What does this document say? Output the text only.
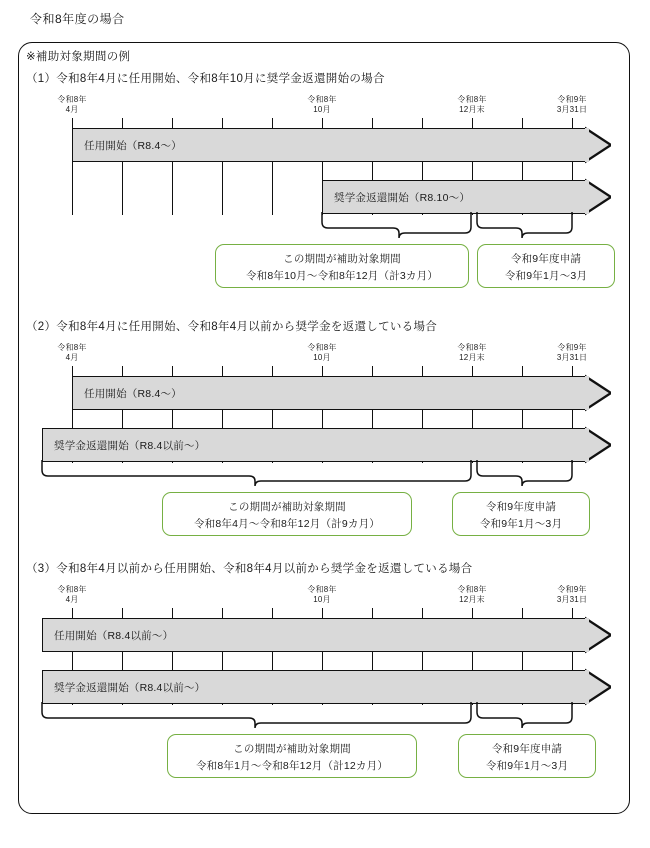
令和8年度の場合
※補助対象期間の例
（1）令和8年4月に任用開始、令和8年10月に奨学金返還開始の場合
令和8年
4月
令和8年
10月
令和8年
12月末
令和9年
3月31日
任用開始（R8.4〜）
奨学金返還開始（R8.10〜）
この期間が補助対象期間
令和8年10月〜令和8年12月（計3カ月）
令和9年度申請
令和9年1月〜3月
（2）令和8年4月に任用開始、令和8年4月以前から奨学金を返還している場合
令和8年
4月
令和8年
10月
令和8年
12月末
令和9年
3月31日
任用開始（R8.4〜）
奨学金返還開始（R8.4以前〜）
この期間が補助対象期間
令和8年4月〜令和8年12月（計9カ月）
令和9年度申請
令和9年1月〜3月
（3）令和8年4月以前から任用開始、令和8年4月以前から奨学金を返還している場合
令和8年
4月
令和8年
10月
令和8年
12月末
令和9年
3月31日
任用開始（R8.4以前〜）
奨学金返還開始（R8.4以前〜）
この期間が補助対象期間
令和8年1月〜令和8年12月（計12カ月）
令和9年度申請
令和9年1月〜3月
